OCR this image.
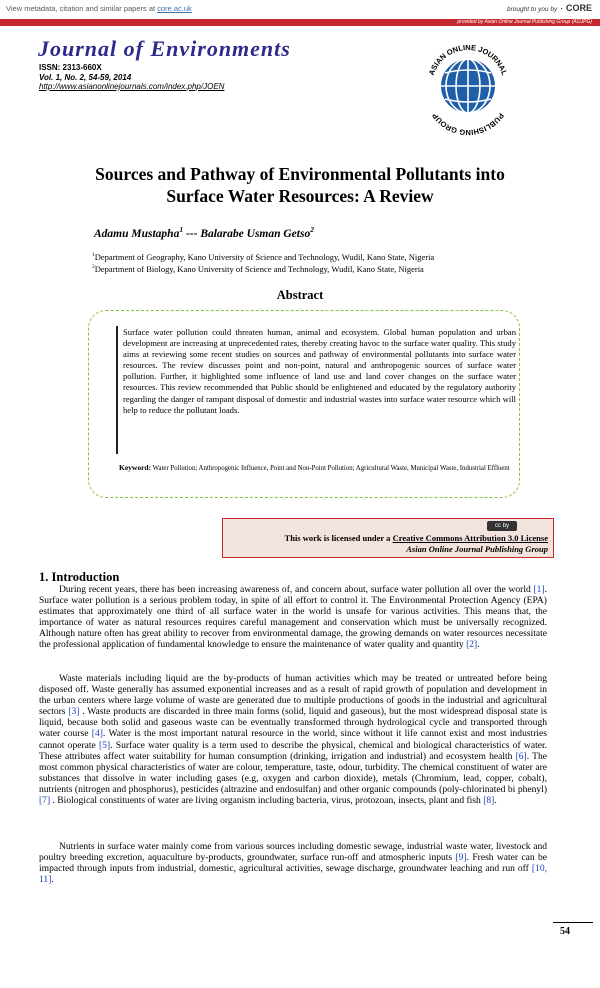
View metadata, citation and similar papers at core.ac.uk	brought to you by ◔ CORE
provided by Asian Online Journal Publishing Group (AOJPG)
Journal of Environments
ISSN: 2313-660X
Vol. 1, No. 2, 54-59, 2014
http://www.asianonlinejournals.com/index.php/JOEN
ASIAN ONLINE JOURNAL
PUBLISHING GROUP
Sources and Pathway of Environmental Pollutants into
Surface Water Resources: A Review
Adamu Mustapha$^1$ --- Balarabe Usman Getso$^2$
$^1$Department of Geography, Kano University of Science and Technology, Wudil, Kano State, Nigeria
$^2$Department of Biology, Kano University of Science and Technology, Wudil, Kano State, Nigeria
Abstract
Surface water pollution could threaten human, animal and ecosystem. Global human population and urban development are increasing at unprecedented rates, thereby creating havoc to the surface water quality. This study aims at reviewing some recent studies on sources and pathway of environmental pollutants into surface water resources. The review discusses point and non-point, natural and anthropogenic sources of surface water pollution. Further, it highlighted some influence of land use and land cover changes on the surface water resources. This review recommended that Public should be enlightened and educated by the regulatory authority regarding the danger of rampant disposal of domestic and industrial wastes into surface water resource which will help to reduce the pollutant loads.
Keyword: Water Pollution; Anthropogenic Influence, Point and Non-Point Pollution; Agricultural Waste, Municipal Waste, Industrial Effluent
cc by
This work is licensed under a Creative Commons Attribution 3.0 License
Asian Online Journal Publishing Group
1. Introduction
During recent years, there has been increasing awareness of, and concern about, surface water pollution all over the world [1]. Surface water pollution is a serious problem today, in spite of all effort to control it. The Environmental Protection Agency (EPA) estimates that approximately one third of all surface water in the world is unsafe for various activities. This means that, the importance of water as natural resources requires careful management and conservation which must be universally recognized. Although nature often has great ability to recover from environmental damage, the growing demands on water resources necessitate the professional application of fundamental knowledge to ensure the maintenance of water quality and quantity [2].
Waste materials including liquid are the by-products of human activities which may be treated or untreated before being disposed off. Waste generally has assumed exponential increases and as a result of rapid growth of population and development in the urban centers where large volume of waste are generated due to multiple productions of goods in the industrial and agricultural sectors [3] . Waste products are discarded in three main forms (solid, liquid and gaseous), but the most widespread disposal state is liquid, because both solid and gaseous waste can be eventually transformed through hydrological cycle and transported through water course [4]. Water is the most important natural resource in the world, since without it life cannot exist and most industries cannot operate [5]. Surface water quality is a term used to describe the physical, chemical and biological characteristics of water. These attributes affect water suitability for human consumption (drinking, irrigation and industrial) and ecosystem health [6]. The most common physical characteristics of water are colour, temperature, taste, odour, turbidity. The chemical constituent of water are substances that dissolve in water including gases (e.g, oxygen and carbon dioxide), metals (Chromium, lead, copper, cobalt), nutrients (nitrogen and phosphorus), pesticides (altrazine and endosulfan) and other organic compounds (poly-chlorinated bi phenyl) [7] . Biological constituents of water are living organism including bacteria, virus, protozoan, insects, plant and fish [8].
Nutrients in surface water mainly come from various sources including domestic sewage, industrial waste water, livestock and poultry breeding excretion, aquaculture by-products, groundwater, surface run-off and atmospheric inputs [9]. Fresh water can be impacted through inputs from industrial, domestic, agricultural activities, sewage discharge, groundwater leaching and run off [10, 11].
54
